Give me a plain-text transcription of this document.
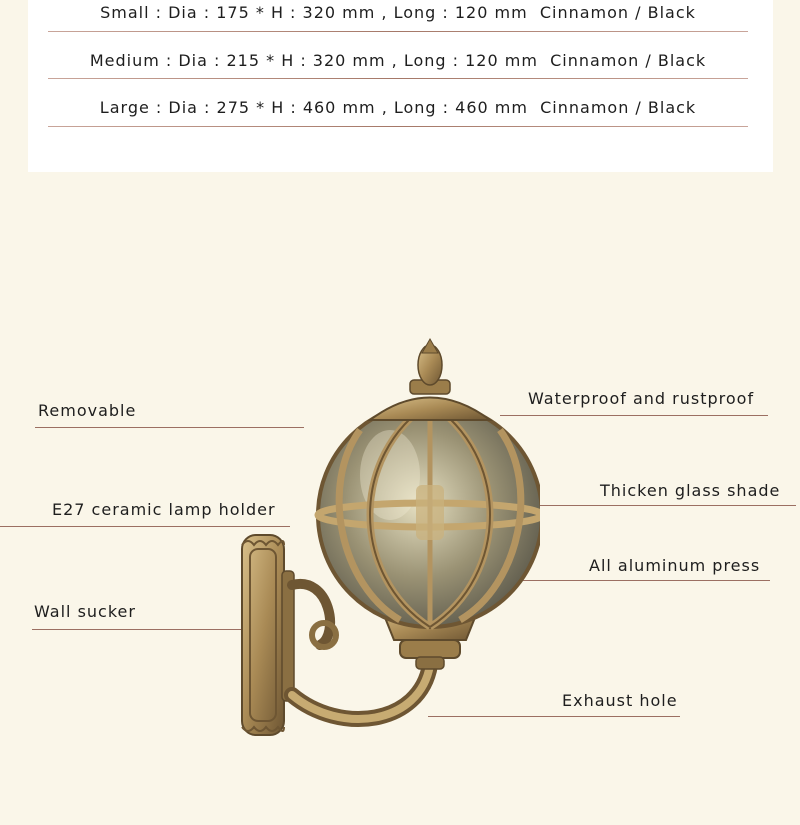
Small : Dia : 175 * H : 320 mm , Long : 120 mm  Cinnamon / Black
Medium : Dia : 215 * H : 320 mm , Long : 120 mm  Cinnamon / Black
Large : Dia : 275 * H : 460 mm , Long : 460 mm  Cinnamon / Black
Removable
E27 ceramic lamp holder
Wall sucker
Waterproof and rustproof
Thicken glass shade
All aluminum press
Exhaust hole
